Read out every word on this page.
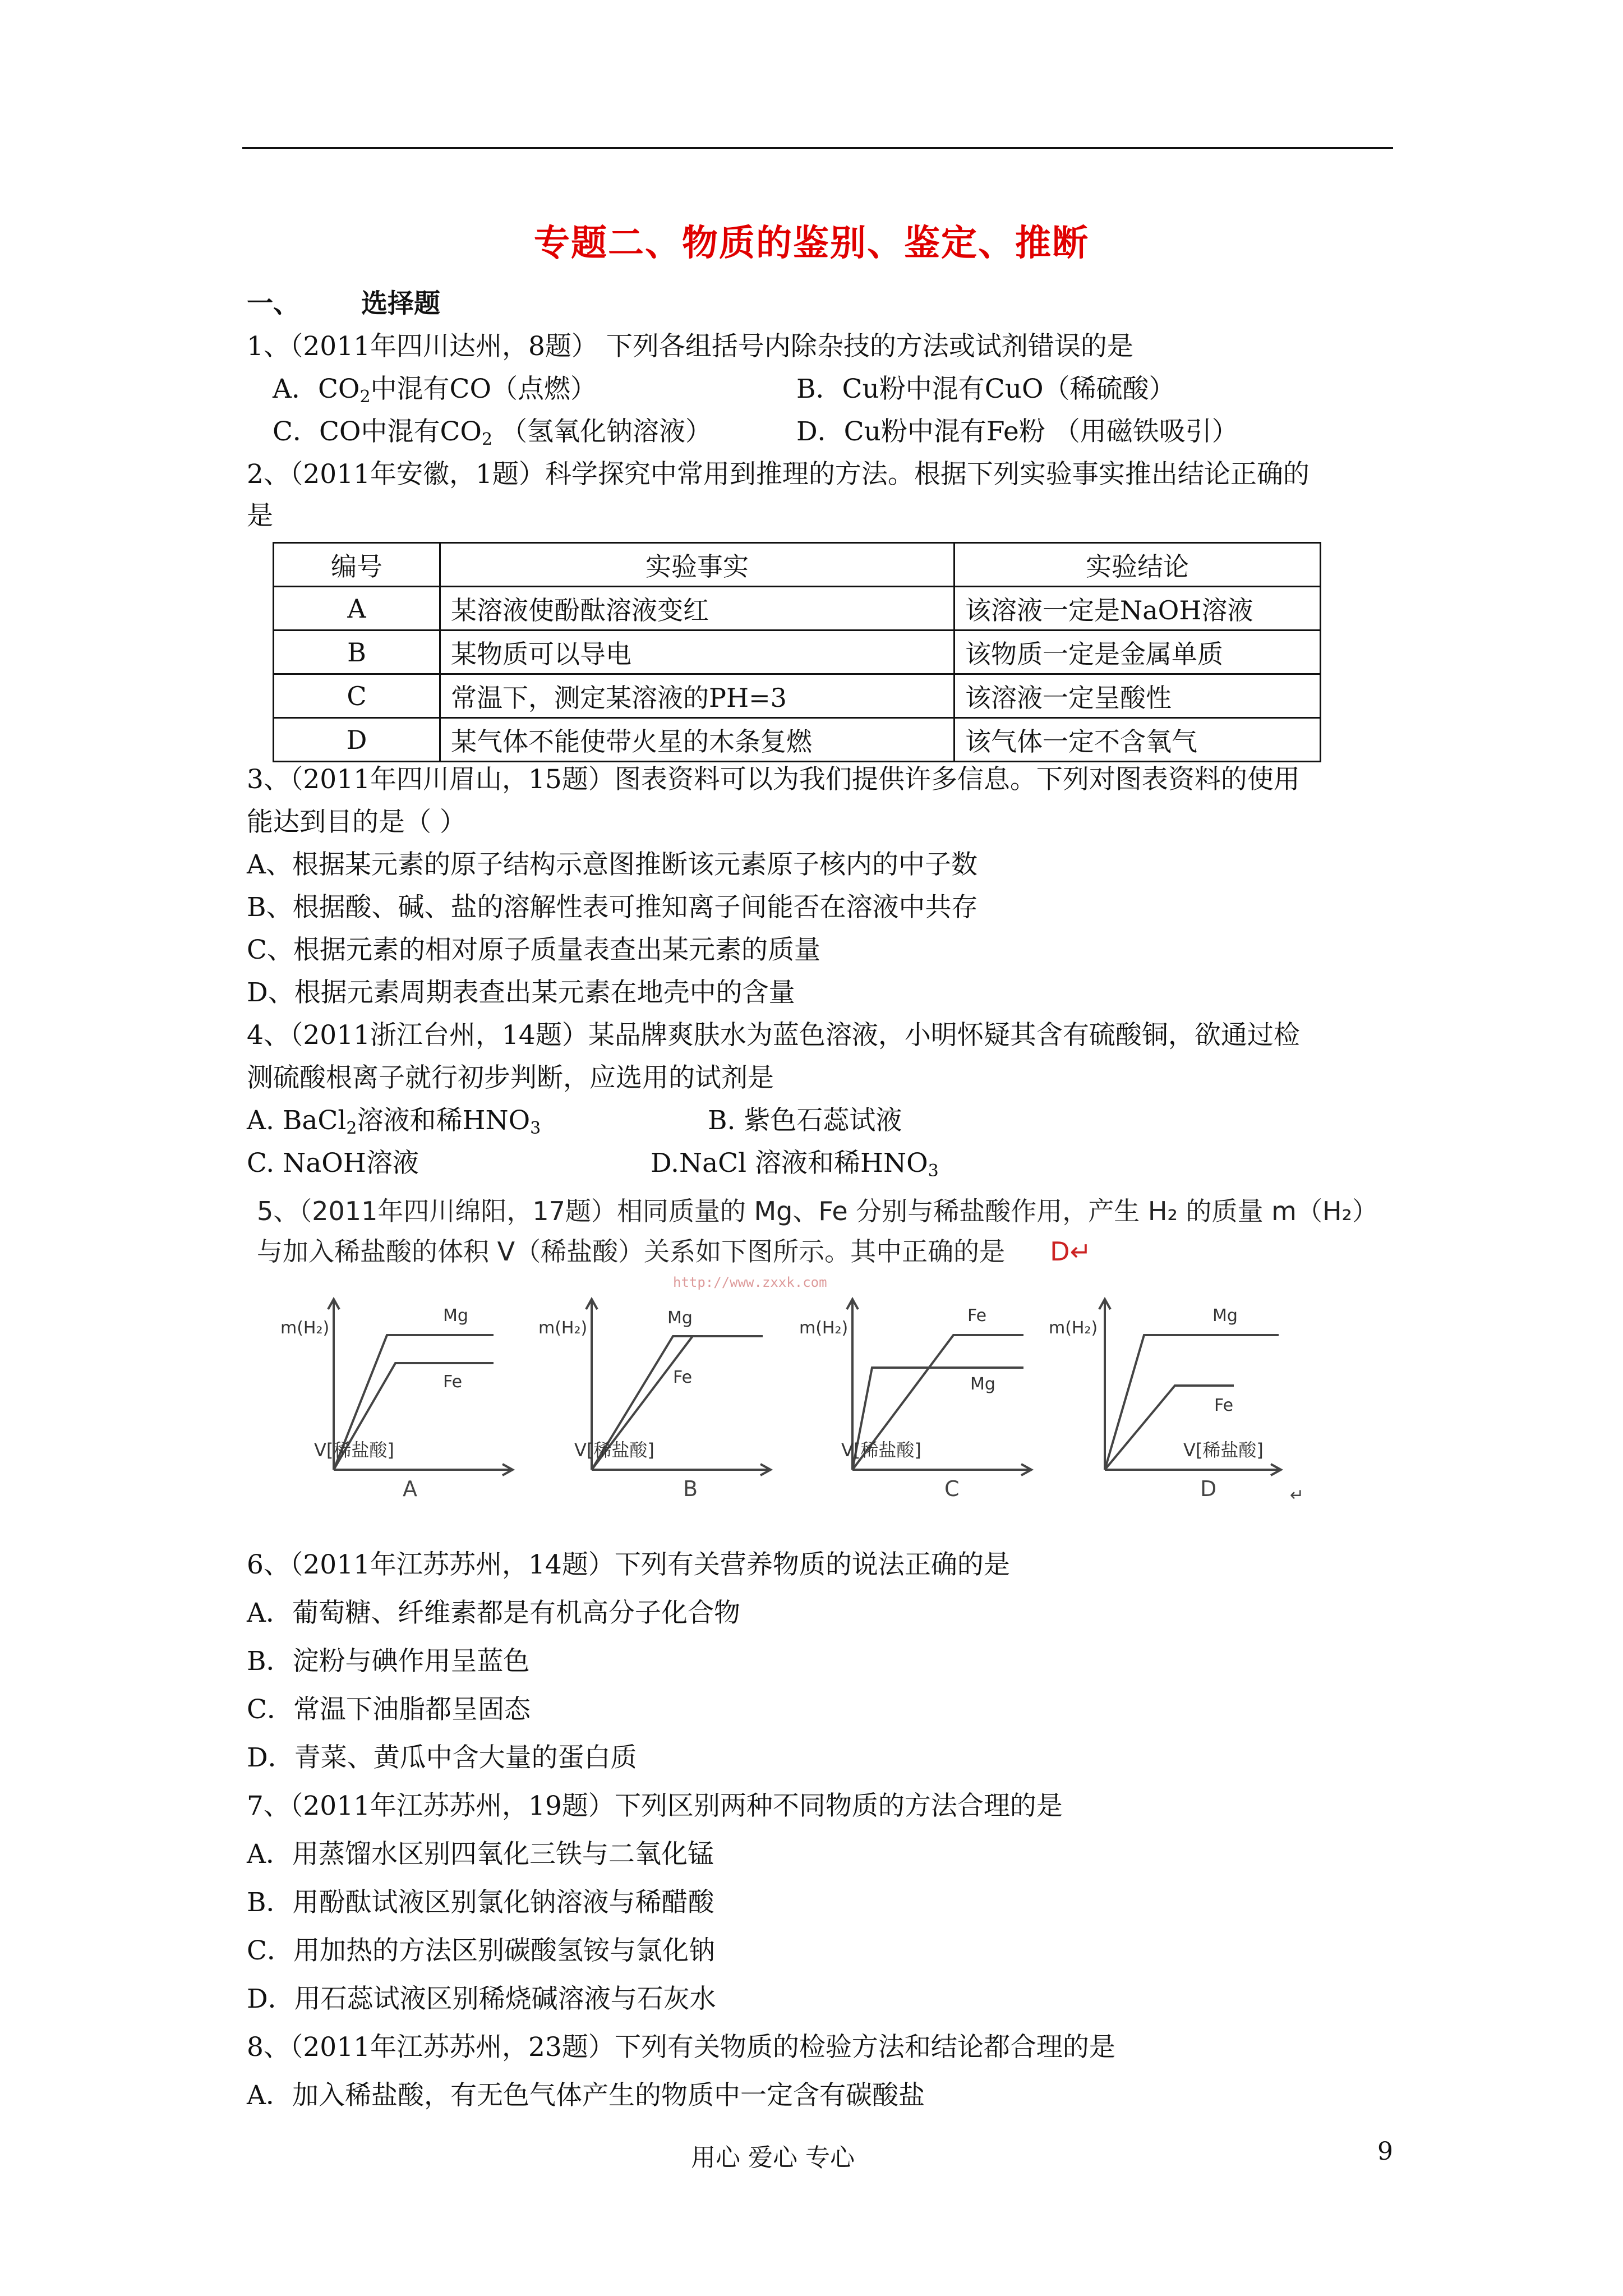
专题二、物质的鉴别、鉴定、推断
一、 选择题
1、（2011年四川达州，8题） 下列各组括号内除杂技的方法或试剂错误的是
A．$CO_2$中混有CO（点燃）	B．Cu粉中混有CuO（稀硫酸）
C．CO中混有$CO_2$ （氢氧化钠溶液）	D．Cu粉中混有Fe粉 （用磁铁吸引）
2、（2011年安徽，1题）科学探究中常用到推理的方法。根据下列实验事实推出结论正确的
是
编号	实验事实	实验结论
A	某溶液使酚酞溶液变红	该溶液一定是NaOH溶液
B	某物质可以导电	该物质一定是金属单质
C	常温下，测定某溶液的PH=3	该溶液一定呈酸性
D	某气体不能使带火星的木条复燃	该气体一定不含氧气
3、（2011年四川眉山，15题）图表资料可以为我们提供许多信息。下列对图表资料的使用
能达到目的是（ ）
A、根据某元素的原子结构示意图推断该元素原子核内的中子数
B、根据酸、碱、盐的溶解性表可推知离子间能否在溶液中共存
C、根据元素的相对原子质量表查出某元素的质量
D、根据元素周期表查出某元素在地壳中的含量
4、（2011浙江台州，14题）某品牌爽肤水为蓝色溶液，小明怀疑其含有硫酸铜，欲通过检
测硫酸根离子就行初步判断，应选用的试剂是
A. BaCl$_2$溶液和稀$HNO_3$	B. 紫色石蕊试液
C. NaOH溶液	D.NaCl 溶液和稀$HNO_3$
5、（2011年四川绵阳，17题）相同质量的 Mg、Fe 分别与稀盐酸作用，产生 H₂ 的质量 m（H₂）
与加入稀盐酸的体积 V（稀盐酸）关系如下图所示。其中正确的是 D↵
http://www.zxxk.com
m(H₂)
Mg
Fe
V[稀盐酸]
A
m(H₂)
Mg
Fe
V[稀盐酸]
B
m(H₂)
Fe
Mg
V[稀盐酸]
C
m(H₂)
Mg
Fe
V[稀盐酸]
D	↵
6、（2011年江苏苏州，14题）下列有关营养物质的说法正确的是
A．葡萄糖、纤维素都是有机高分子化合物
B．淀粉与碘作用呈蓝色
C．常温下油脂都呈固态
D．青菜、黄瓜中含大量的蛋白质
7、（2011年江苏苏州，19题）下列区别两种不同物质的方法合理的是
A．用蒸馏水区别四氧化三铁与二氧化锰
B．用酚酞试液区别氯化钠溶液与稀醋酸
C．用加热的方法区别碳酸氢铵与氯化钠
D．用石蕊试液区别稀烧碱溶液与石灰水
8、（2011年江苏苏州，23题）下列有关物质的检验方法和结论都合理的是
A．加入稀盐酸，有无色气体产生的物质中一定含有碳酸盐
用心 爱心 专心	9
